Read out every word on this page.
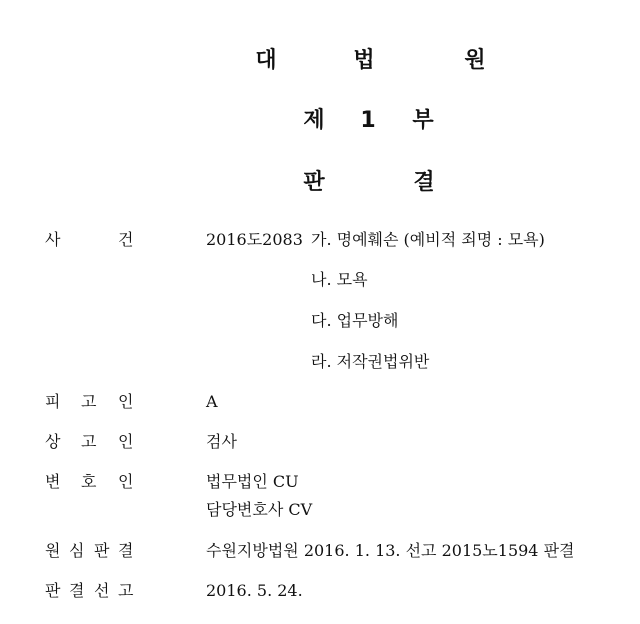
대	법	원
제	1	부
판	결
사	건	2016도2083 가. 명예훼손 (예비적 죄명 : 모욕)
나. 모욕
다. 업무방해
라. 저작권법위반
피 고 인	A
상 고 인	검사
변 호 인	법무법인 CU
담당변호사 CV
원 심 판 결	수원지방법원 2016. 1. 13. 선고 2015노1594 판결
판 결 선 고	2016. 5. 24.
